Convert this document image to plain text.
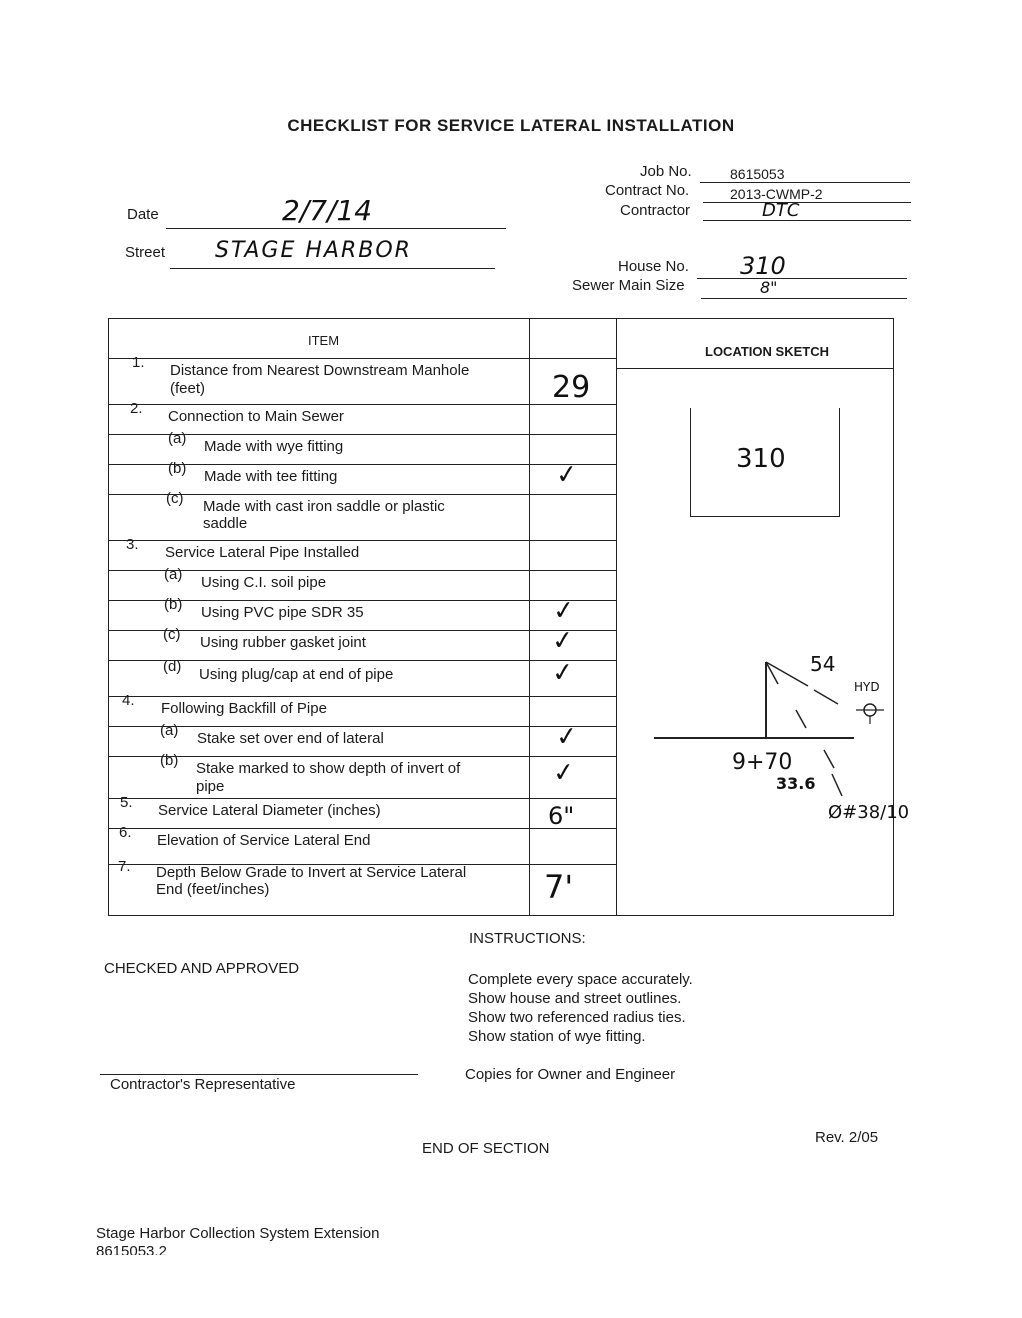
CHECKLIST FOR SERVICE LATERAL INSTALLATION
Job No.	8615053
Contract No.	2013-CWMP-2
Contractor	DTC
Date	2/7/14
Street STAGE HARBOR
House No. 310
Sewer Main Size	8"
ITEM
LOCATION SKETCH
1. Distance from Nearest Downstream Manhole
(feet)	29
2. Connection to Main Sewer
(a) Made with wye fitting
(b) Made with tee fitting	✓
(c) Made with cast iron saddle or plastic
saddle
3. Service Lateral Pipe Installed
(a) Using C.I. soil pipe
(b) Using PVC pipe SDR 35	✓
(c) Using rubber gasket joint	✓
(d) Using plug/cap at end of pipe	✓
4. Following Backfill of Pipe
(a) Stake set over end of lateral	✓
(b) Stake marked to show depth of invert of
pipe	✓
5. Service Lateral Diameter (inches)	6"
6. Elevation of Service Lateral End
7. Depth Below Grade to Invert at Service Lateral
End (feet/inches)	7'
310
54
HYD
9+70
33.6
Ø#38/10
INSTRUCTIONS:
CHECKED AND APPROVED
Complete every space accurately.
Show house and street outlines.
Show two referenced radius ties.
Show station of wye fitting.
Contractor's Representative
Copies for Owner and Engineer
Rev. 2/05
END OF SECTION
Stage Harbor Collection System Extension
8615053.2
